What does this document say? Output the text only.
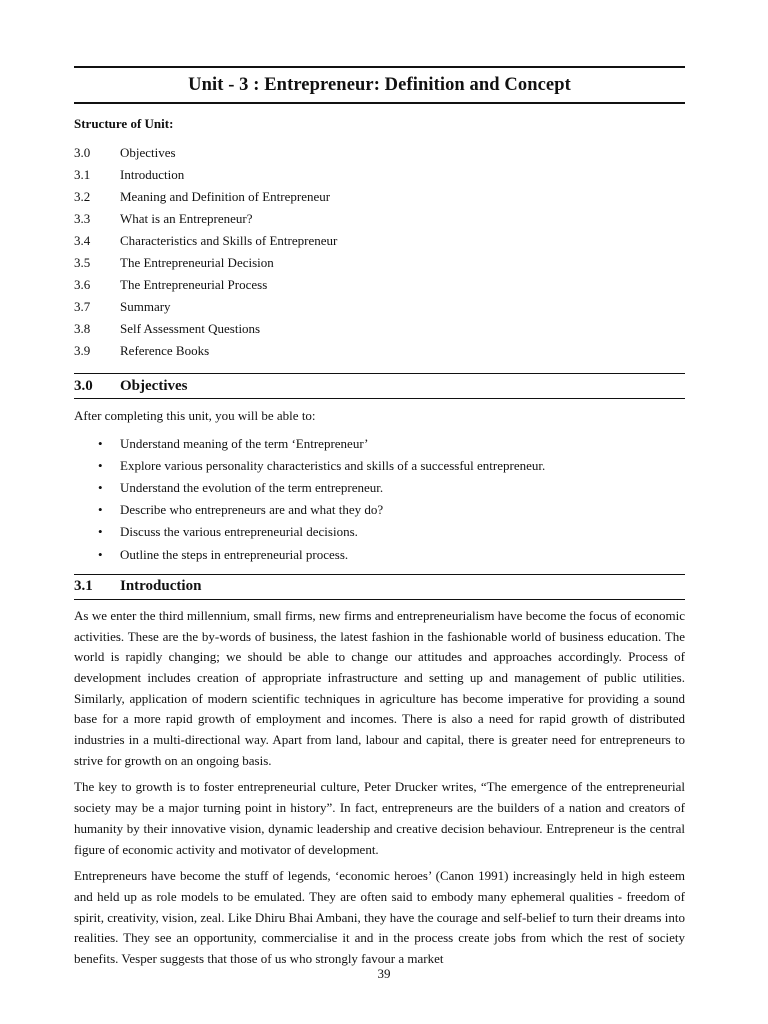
Unit - 3 : Entrepreneur: Definition and Concept
Structure of Unit:
3.0	Objectives
3.1	Introduction
3.2	Meaning and Definition of Entrepreneur
3.3	What is an Entrepreneur?
3.4	Characteristics and Skills of Entrepreneur
3.5	The Entrepreneurial Decision
3.6	The Entrepreneurial Process
3.7	Summary
3.8	Self Assessment Questions
3.9	Reference Books
3.0	Objectives

After completing this unit, you will be able to:

•	Understand meaning of the term ‘Entrepreneur’
•	Explore various personality characteristics and skills of a successful entrepreneur.
•	Understand the evolution of the term entrepreneur.
•	Describe who entrepreneurs are and what they do?
•	Discuss the various entrepreneurial decisions.
•	Outline the steps in entrepreneurial process.
3.1	Introduction

As we enter the third millennium, small firms, new firms and entrepreneurialism have become the focus of economic activities. These are the by-words of business, the latest fashion in the fashionable world of business education. The world is rapidly changing; we should be able to change our attitudes and approaches accordingly. Process of development includes creation of appropriate infrastructure and setting up and management of public utilities. Similarly, application of modern scientific techniques in agriculture has become imperative for providing a sound base for a more rapid growth of employment and incomes. There is also a need for rapid growth of distributed industries in a multi-directional way. Apart from land, labour and capital, there is greater need for entrepreneurs to strive for growth on an ongoing basis.

The key to growth is to foster entrepreneurial culture, Peter Drucker writes, “The emergence of the entrepreneurial society may be a major turning point in history”. In fact, entrepreneurs are the builders of a nation and creators of humanity by their innovative vision, dynamic leadership and creative decision behaviour. Entrepreneur is the central figure of economic activity and motivator of development.

Entrepreneurs have become the stuff of legends, ‘economic heroes’ (Canon 1991) increasingly held in high esteem and held up as role models to be emulated. They are often said to embody many ephemeral qualities - freedom of spirit, creativity, vision, zeal. Like Dhiru Bhai Ambani, they have the courage and self-belief to turn their dreams into realities. They see an opportunity, commercialise it and in the process create jobs from which the rest of society benefits. Vesper suggests that those of us who strongly favour a market

39
